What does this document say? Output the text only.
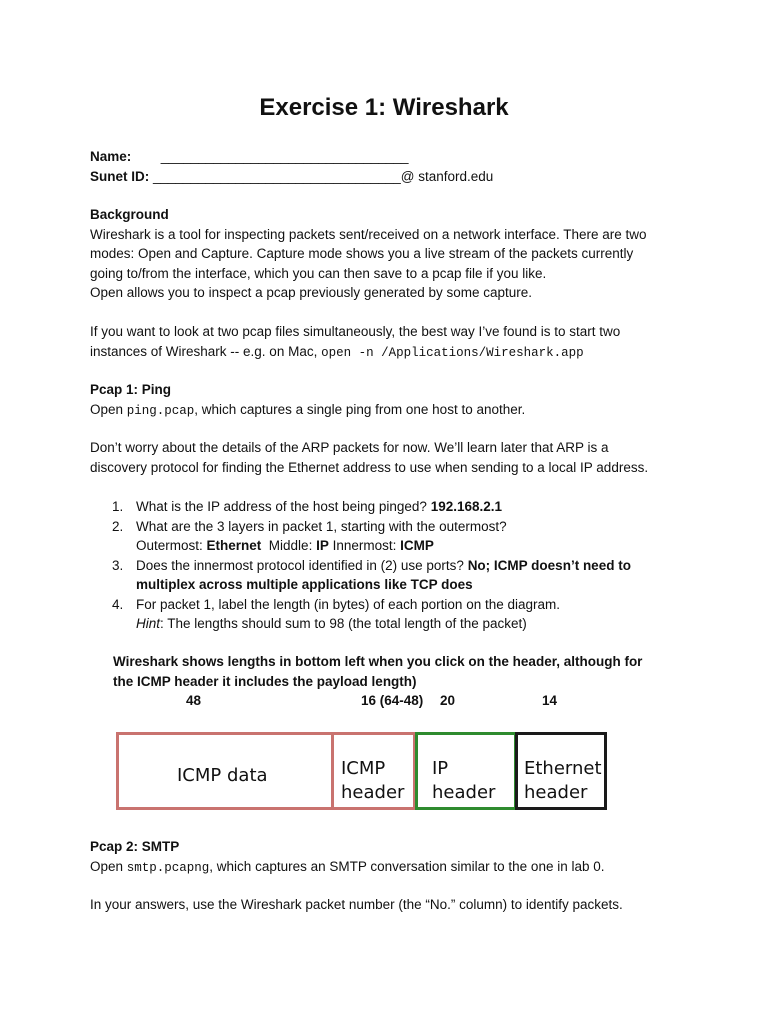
Exercise 1: Wireshark
Name: _________________________________
Sunet ID: _________________________________@ stanford.edu
Background
Wireshark is a tool for inspecting packets sent/received on a network interface. There are two
modes: Open and Capture. Capture mode shows you a live stream of the packets currently
going to/from the interface, which you can then save to a pcap file if you like.
Open allows you to inspect a pcap previously generated by some capture.
If you want to look at two pcap files simultaneously, the best way I’ve found is to start two
instances of Wireshark -- e.g. on Mac, open -n /Applications/Wireshark.app
Pcap 1: Ping
Open ping.pcap, which captures a single ping from one host to another.
Don’t worry about the details of the ARP packets for now. We’ll learn later that ARP is a
discovery protocol for finding the Ethernet address to use when sending to a local IP address.
1. What is the IP address of the host being pinged? 192.168.2.1
2. What are the 3 layers in packet 1, starting with the outermost?
Outermost: Ethernet  Middle: IP Innermost: ICMP
3. Does the innermost protocol identified in (2) use ports? No; ICMP doesn’t need to
multiplex across multiple applications like TCP does
4. For packet 1, label the length (in bytes) of each portion on the diagram.
Hint: The lengths should sum to 98 (the total length of the packet)
Wireshark shows lengths in bottom left when you click on the header, although for
the ICMP header it includes the payload length)
48	16 (64-48) 20	14
ICMP data	ICMP
header
IP
header
Ethernet
header
Pcap 2: SMTP
Open smtp.pcapng, which captures an SMTP conversation similar to the one in lab 0.
In your answers, use the Wireshark packet number (the “No.” column) to identify packets.
